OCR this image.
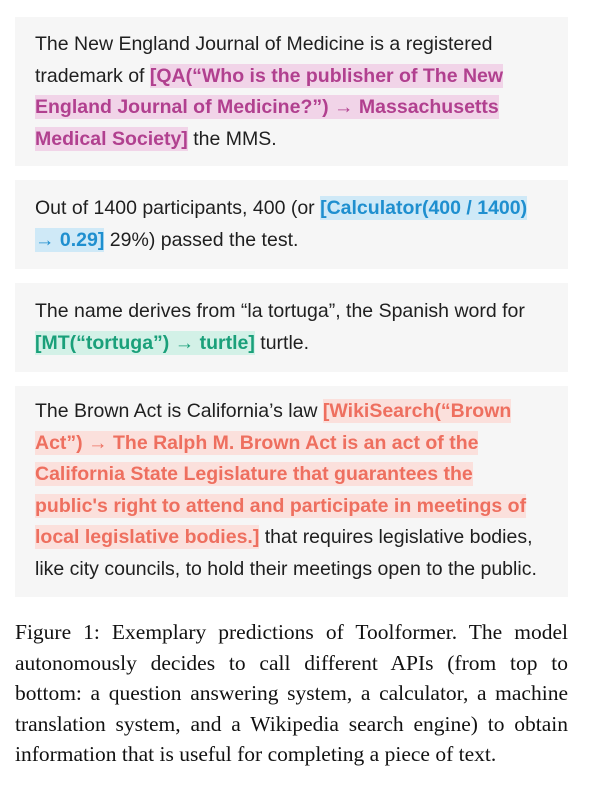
The New England Journal of Medicine is a registered trademark of [QA(“Who is the publisher of The New England Journal of Medicine?”) → Massachusetts Medical Society] the MMS.
Out of 1400 participants, 400 (or [Calculator(400 / 1400) → 0.29] 29%) passed the test.
The name derives from “la tortuga”, the Spanish word for [MT(“tortuga”) → turtle] turtle.
The Brown Act is California’s law [WikiSearch(“Brown Act”) → The Ralph M. Brown Act is an act of the California State Legislature that guarantees the public's right to attend and participate in meetings of local legislative bodies.] that requires legislative bodies, like city councils, to hold their meetings open to the public.

Figure 1: Exemplary predictions of Toolformer. The model autonomously decides to call different APIs (from top to bottom: a question answering system, a calculator, a machine translation system, and a Wikipedia search engine) to obtain information that is useful for completing a piece of text.
